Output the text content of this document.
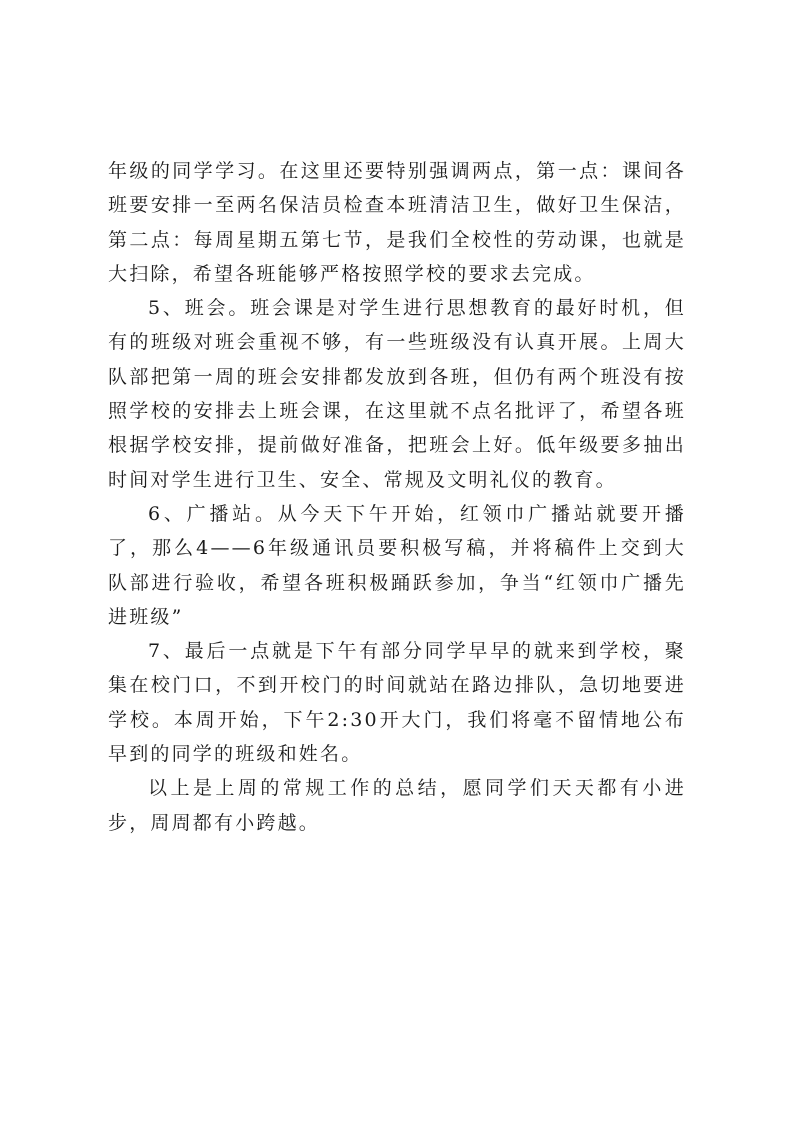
年级的同学学习。在这里还要特别强调两点，第一点：课间各班要安排一至两名保洁员检查本班清洁卫生，做好卫生保洁，第二点：每周星期五第七节，是我们全校性的劳动课，也就是大扫除，希望各班能够严格按照学校的要求去完成。

5、班会。班会课是对学生进行思想教育的最好时机，但有的班级对班会重视不够，有一些班级没有认真开展。上周大队部把第一周的班会安排都发放到各班，但仍有两个班没有按照学校的安排去上班会课，在这里就不点名批评了，希望各班根据学校安排，提前做好准备，把班会上好。低年级要多抽出时间对学生进行卫生、安全、常规及文明礼仪的教育。

6、广播站。从今天下午开始，红领巾广播站就要开播了，那么4——6年级通讯员要积极写稿，并将稿件上交到大队部进行验收，希望各班积极踊跃参加，争当“红领巾广播先进班级”

7、最后一点就是下午有部分同学早早的就来到学校，聚集在校门口，不到开校门的时间就站在路边排队，急切地要进学校。本周开始，下午2:30开大门，我们将毫不留情地公布早到的同学的班级和姓名。

以上是上周的常规工作的总结，愿同学们天天都有小进步，周周都有小跨越。
